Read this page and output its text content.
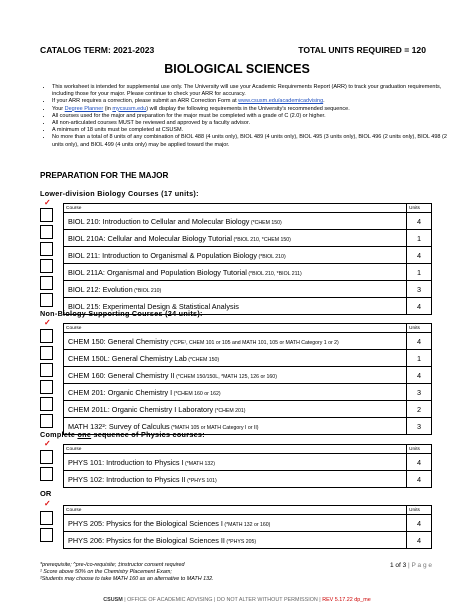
CATALOG TERM: 2021-2023	TOTAL UNITS REQUIRED = 120
BIOLOGICAL SCIENCES
• This worksheet is intended for supplemental use only. The University will use your Academic Requirements Report (ARR) to track your graduation requirements, including those for your major. Please continue to check your ARR for accuracy.
• If your ARR requires a correction, please submit an ARR Correction Form at www.csusm.edu/academicadvising.
• Your Degree Planner (in mycsusm.edu) will display the following requirements in the University's recommended sequence.
• All courses used for the major and preparation for the major must be completed with a grade of C (2.0) or higher.
• All non-articulated courses MUST be reviewed and approved by a faculty advisor.
• A minimum of 18 units must be completed at CSUSM.
• No more than a total of 8 units of any combination of BIOL 488 (4 units only), BIOL 489 (4 units only), BIOL 495 (3 units only), BIOL 496 (2 units only), BIOL 498 (2 units only), and BIOL 499 (4 units only) may be applied toward the major.
PREPARATION FOR THE MAJOR
Lower-division Biology Courses (17 units):
✓
Course	Units
BIOL 210: Introduction to Cellular and Molecular Biology (*CHEM 150)	4
BIOL 210A: Cellular and Molecular Biology Tutorial (*BIOL 210, *CHEM 150)	1
BIOL 211: Introduction to Organismal & Population Biology (*BIOL 210)	4
BIOL 211A: Organismal and Population Biology Tutorial (*BIOL 210, *BIOL 211)	1
BIOL 212: Evolution (*BIOL 210)	3
BIOL 215: Experimental Design & Statistical Analysis	4
Non-Biology Supporting Courses (24 units):
✓
Course	Units
CHEM 150: General Chemistry (*CPE¹, CHEM 101 or 105 and MATH 101, 105 or MATH Category 1 or 2)	4
CHEM 150L: General Chemistry Lab (*CHEM 150)	1
CHEM 160: General Chemistry II (*CHEM 150/150L, *MATH 125, 126 or 160)	4
CHEM 201: Organic Chemistry I (*CHEM 160 or 162)	3
CHEM 201L: Organic Chemistry I Laboratory (*CHEM 201)	2
MATH 132²: Survey of Calculus (*MATH 105 or MATH Category I or II)	3
Complete one sequence of Physics courses:
✓
Course	Units
PHYS 101: Introduction to Physics I (*MATH 132)	4
PHYS 102: Introduction to Physics II (*PHYS 101)	4
OR
✓
Course	Units
PHYS 205: Physics for the Biological Sciences I (*MATH 132 or 160)	4
PHYS 206: Physics for the Biological Sciences II (*PHYS 205)	4
*prerequisite; ^pre-/co-requisite; ‡instructor consent required
¹ Score above 50% on the Chemistry Placement Exam;
²Students may choose to take MATH 160 as an alternative to MATH 132.
1 of 3 | P a g e
CSUSM | OFFICE OF ACADEMIC ADVISING | DO NOT ALTER WITHOUT PERMISSION | REV 5.17.22 dp_me
